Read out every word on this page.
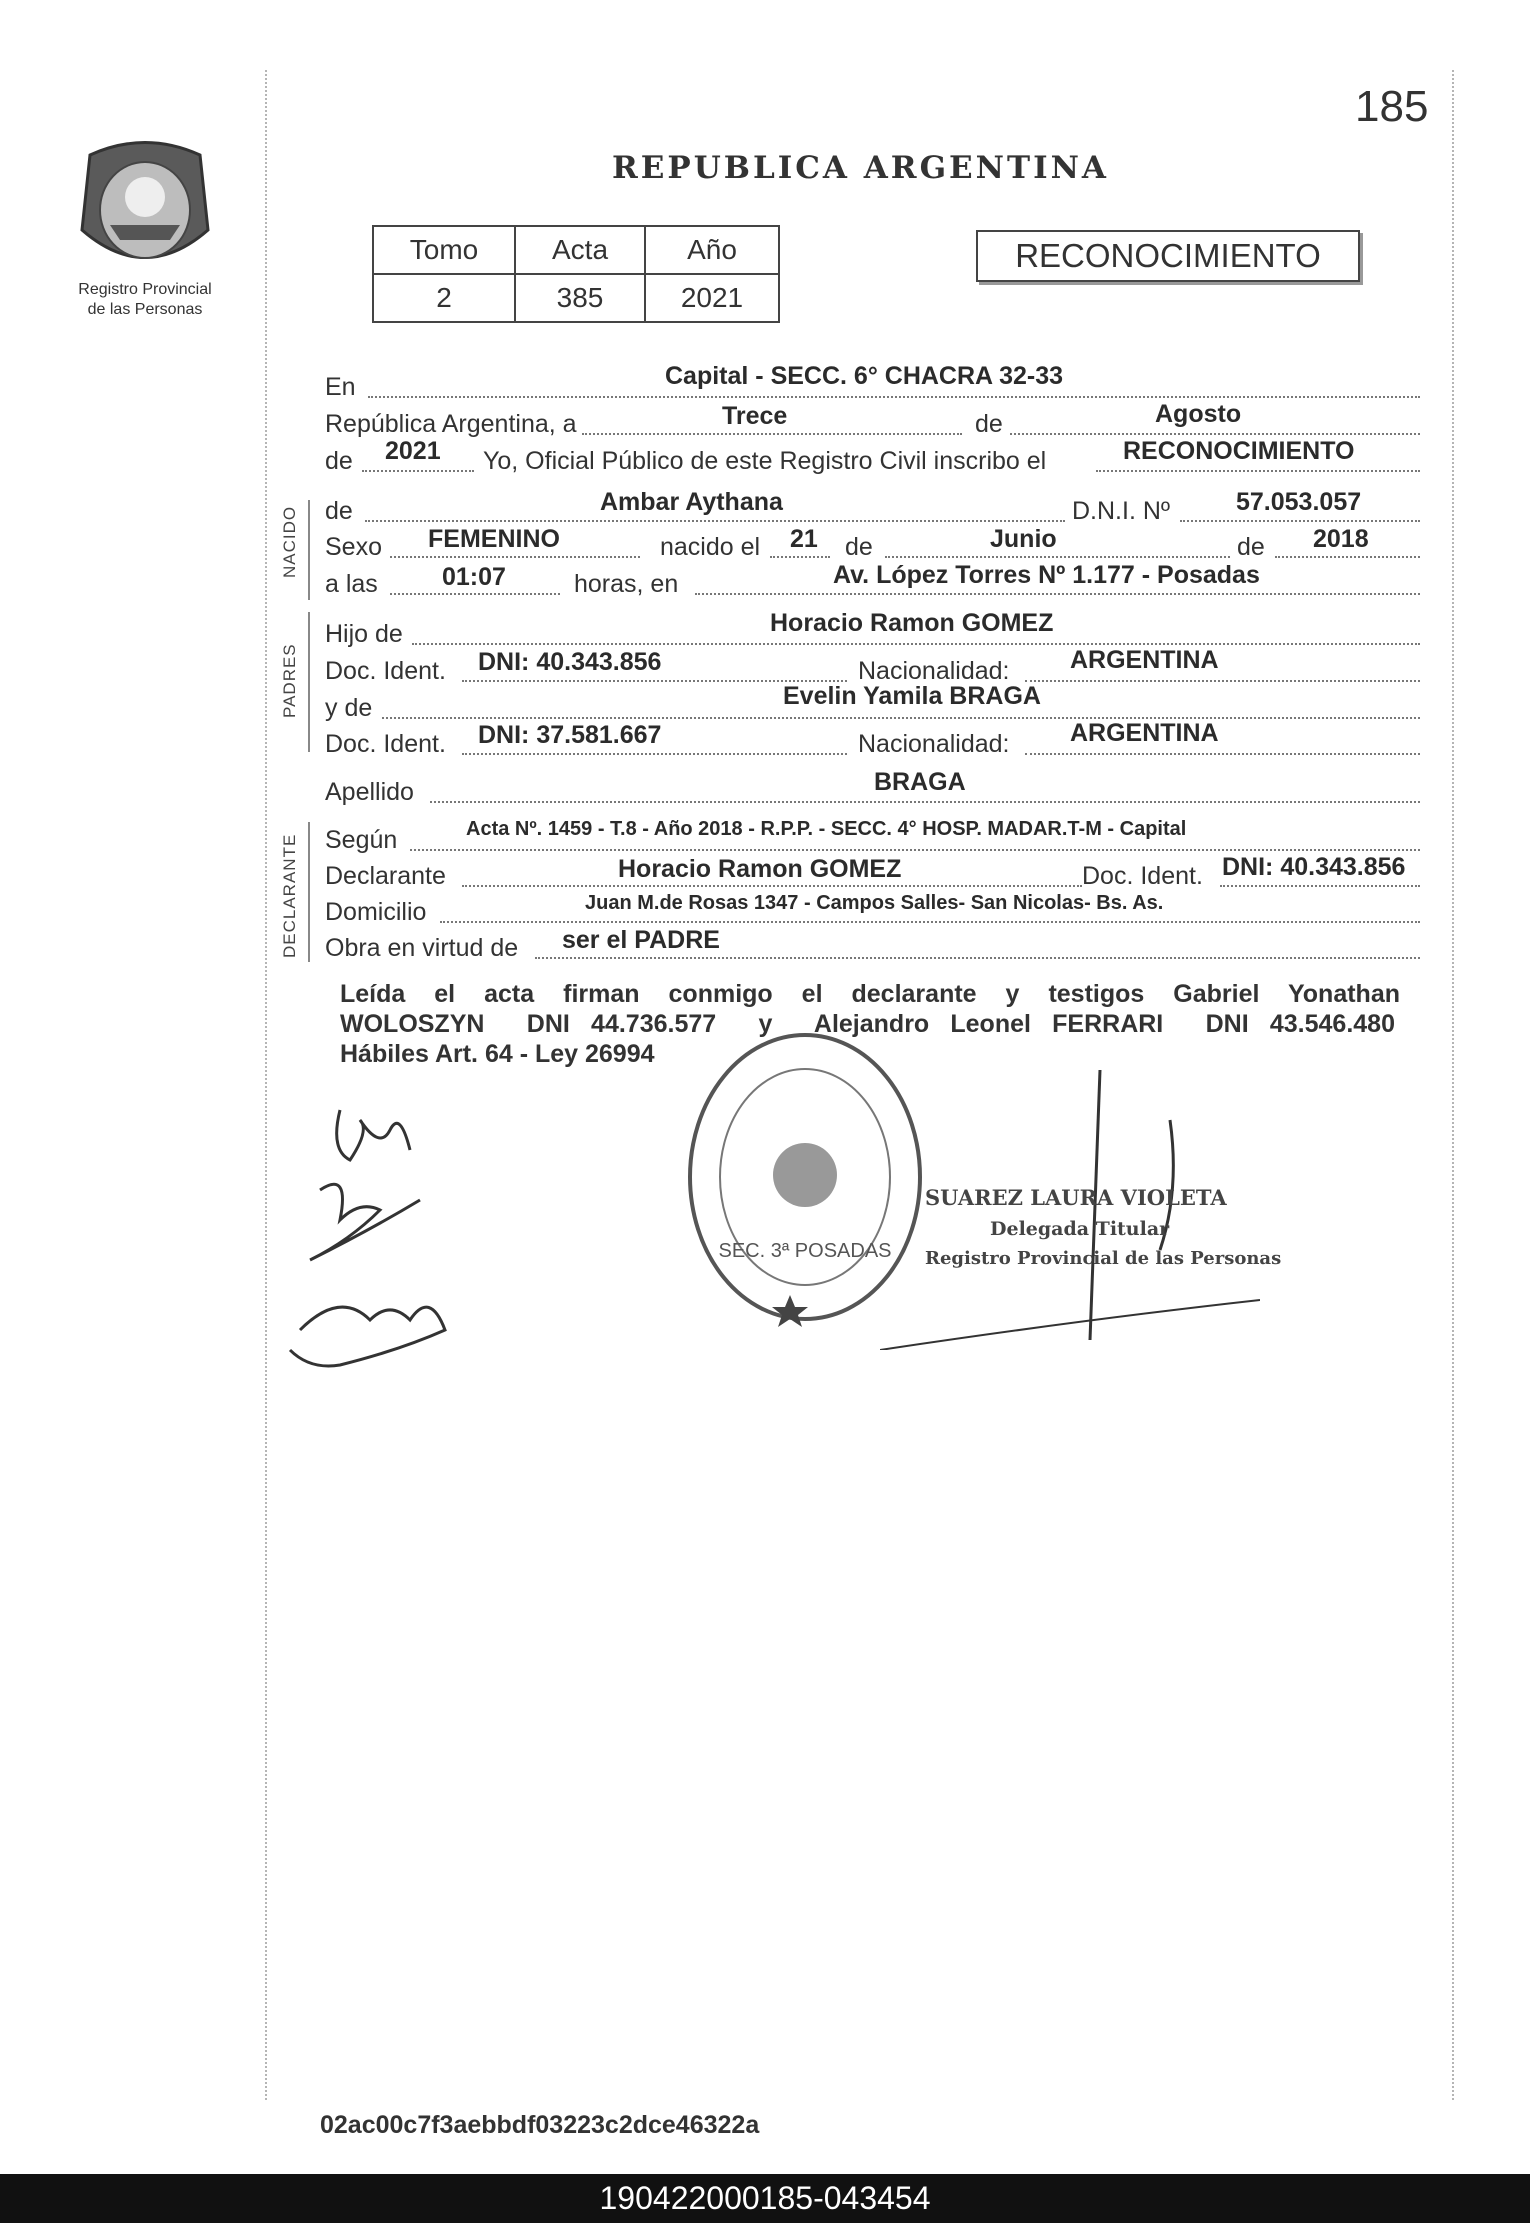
185
Registro Provincial
de las Personas
REPUBLICA ARGENTINA
Tomo	Acta	Año
2	385	2021
RECONOCIMIENTO
En	Capital - SECC. 6° CHACRA 32-33
República Argentina, a	Trece	de	Agosto
de 2021 Yo, Oficial Público de este Registro Civil inscribo el	RECONOCIMIENTO
NACIDO de	Ambar Aythana	D.N.I. Nº	57.053.057
Sexo FEMENINO	nacido el 21 de	Junio	de 2018
a las	01:07	horas, en	Av. López Torres Nº 1.177 - Posadas
PADRES
Hijo de	Horacio Ramon GOMEZ
Doc. Ident. DNI: 40.343.856	Nacionalidad: ARGENTINA
y de	Evelin Yamila BRAGA
Doc. Ident. DNI: 37.581.667	Nacionalidad: ARGENTINA
Apellido	BRAGA
DECLARANTE Según	Acta Nº. 1459 - T.8 - Año 2018 - R.P.P. - SECC. 4° HOSP. MADAR.T-M - Capital
Declarante	Horacio Ramon GOMEZ	Doc. Ident. DNI: 40.343.856
Domicilio	Juan M.de Rosas 1347 - Campos Salles- San Nicolas- Bs. As.
Obra en virtud de ser el PADRE
Leída el acta firman conmigo el declarante y testigos Gabriel Yonathan
WOLOSZYN  DNI 44.736.577  y  Alejandro Leonel FERRARI  DNI 43.546.480
Hábiles Art. 64 - Ley 26994
SEC. 3ª POSADAS
SUAREZ LAURA VIOLETA
Delegada Titular
Registro Provincial de las Personas
02ac00c7f3aebbdf03223c2dce46322a
190422000185-043454
